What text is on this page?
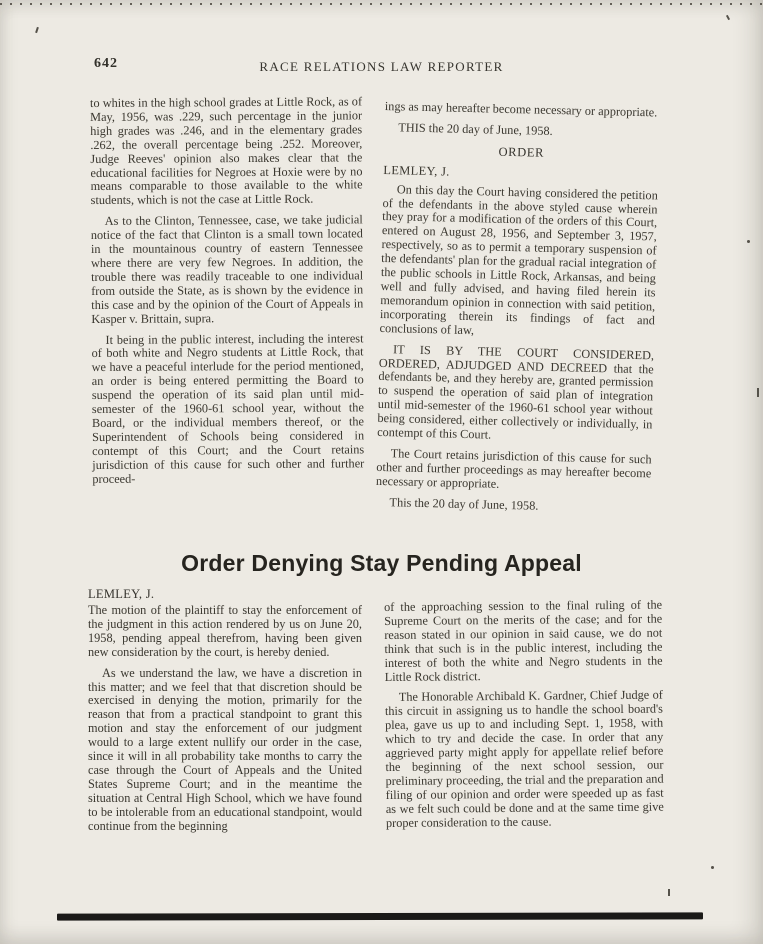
642	RACE RELATIONS LAW REPORTER

to whites in the high school grades at Little Rock, as of May, 1956, was .229, such percentage in the junior high grades was .246, and in the elementary grades .262, the overall percentage being .252. Moreover, Judge Reeves' opinion also makes clear that the educational facilities for Negroes at Hoxie were by no means comparable to those available to the white students, which is not the case at Little Rock.

As to the Clinton, Tennessee, case, we take judicial notice of the fact that Clinton is a small town located in the mountainous country of eastern Tennessee where there are very few Negroes. In addition, the trouble there was readily traceable to one individual from outside the State, as is shown by the evidence in this case and by the opinion of the Court of Appeals in Kasper v. Brittain, supra.

It being in the public interest, including the interest of both white and Negro students at Little Rock, that we have a peaceful interlude for the period mentioned, an order is being entered permitting the Board to suspend the operation of its said plan until mid-semester of the 1960-61 school year, without the Board, or the individual members thereof, or the Superintendent of Schools being considered in contempt of this Court; and the Court retains jurisdiction of this cause for such other and further proceed-

ings as may hereafter become necessary or appropriate.

THIS the 20 day of June, 1958.

ORDER
LEMLEY, J.

On this day the Court having considered the petition of the defendants in the above styled cause wherein they pray for a modification of the orders of this Court, entered on August 28, 1956, and September 3, 1957, respectively, so as to permit a temporary suspension of the defendants' plan for the gradual racial integration of the public schools in Little Rock, Arkansas, and being well and fully advised, and having filed herein its memorandum opinion in connection with said petition, incorporating therein its findings of fact and conclusions of law,

IT IS BY THE COURT CONSIDERED, ORDERED, ADJUDGED AND DECREED that the defendants be, and they hereby are, granted permission to suspend the operation of said plan of integration until mid-semester of the 1960-61 school year without being considered, either collectively or individually, in contempt of this Court.

The Court retains jurisdiction of this cause for such other and further proceedings as may hereafter become necessary or appropriate.

This the 20 day of June, 1958.

Order Denying Stay Pending Appeal
LEMLEY, J.

The motion of the plaintiff to stay the enforcement of the judgment in this action rendered by us on June 20, 1958, pending appeal therefrom, having been given new consideration by the court, is hereby denied.

As we understand the law, we have a discretion in this matter; and we feel that that discretion should be exercised in denying the motion, primarily for the reason that from a practical standpoint to grant this motion and stay the enforcement of our judgment would to a large extent nullify our order in the case, since it will in all probability take months to carry the case through the Court of Appeals and the United States Supreme Court; and in the meantime the situation at Central High School, which we have found to be intolerable from an educational standpoint, would continue from the beginning

of the approaching session to the final ruling of the Supreme Court on the merits of the case; and for the reason stated in our opinion in said cause, we do not think that such is in the public interest, including the interest of both the white and Negro students in the Little Rock district.

The Honorable Archibald K. Gardner, Chief Judge of this circuit in assigning us to handle the school board's plea, gave us up to and including Sept. 1, 1958, with which to try and decide the case. In order that any aggrieved party might apply for appellate relief before the beginning of the next school session, our preliminary proceeding, the trial and the preparation and filing of our opinion and order were speeded up as fast as we felt such could be done and at the same time give proper consideration to the cause.
